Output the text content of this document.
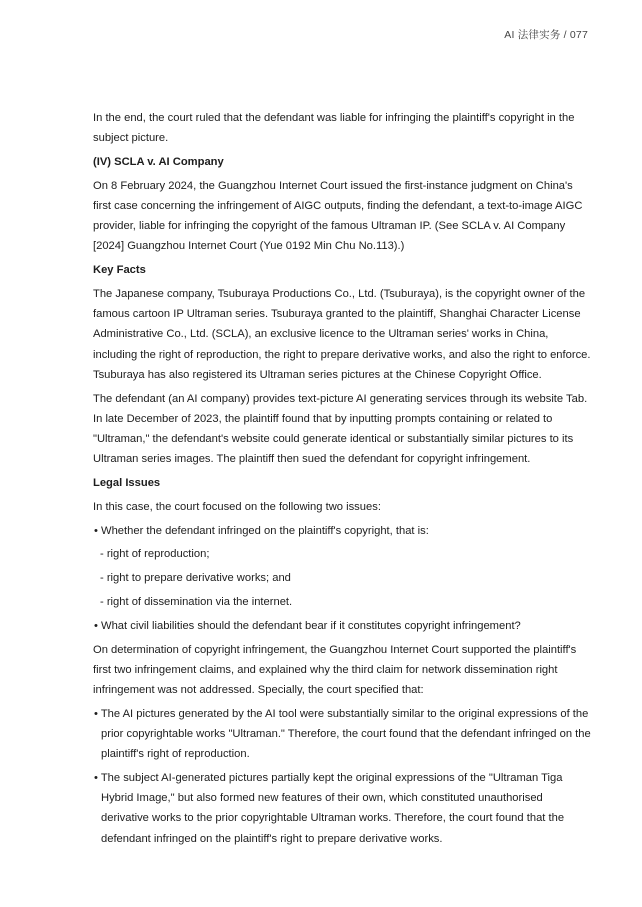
AI 法律实务 / 077

In the end, the court ruled that the defendant was liable for infringing the plaintiff's copyright in the subject picture.

(IV) SCLA v. AI Company

On 8 February 2024, the Guangzhou Internet Court issued the first-instance judgment on China's first case concerning the infringement of AIGC outputs, finding the defendant, a text-to-image AIGC provider, liable for infringing the copyright of the famous Ultraman IP. (See SCLA v. AI Company [2024] Guangzhou Internet Court (Yue 0192 Min Chu No.113).)

Key Facts

The Japanese company, Tsuburaya Productions Co., Ltd. (Tsuburaya), is the copyright owner of the famous cartoon IP Ultraman series. Tsuburaya granted to the plaintiff, Shanghai Character License Administrative Co., Ltd. (SCLA), an exclusive licence to the Ultraman series' works in China, including the right of reproduction, the right to prepare derivative works, and also the right to enforce. Tsuburaya has also registered its Ultraman series pictures at the Chinese Copyright Office.

The defendant (an AI company) provides text-picture AI generating services through its website Tab. In late December of 2023, the plaintiff found that by inputting prompts containing or related to "Ultraman," the defendant's website could generate identical or substantially similar pictures to its Ultraman series images. The plaintiff then sued the defendant for copyright infringement.

Legal Issues

In this case, the court focused on the following two issues:

• Whether the defendant infringed on the plaintiff's copyright, that is:
- right of reproduction;
- right to prepare derivative works; and
- right of dissemination via the internet.
• What civil liabilities should the defendant bear if it constitutes copyright infringement?

On determination of copyright infringement, the Guangzhou Internet Court supported the plaintiff's first two infringement claims, and explained why the third claim for network dissemination right infringement was not addressed. Specially, the court specified that:

• The AI pictures generated by the AI tool were substantially similar to the original expressions of the prior copyrightable works "Ultraman." Therefore, the court found that the defendant infringed on the plaintiff's right of reproduction.
• The subject AI-generated pictures partially kept the original expressions of the "Ultraman Tiga Hybrid Image," but also formed new features of their own, which constituted unauthorised derivative works to the prior copyrightable Ultraman works. Therefore, the court found that the defendant infringed on the plaintiff's right to prepare derivative works.
